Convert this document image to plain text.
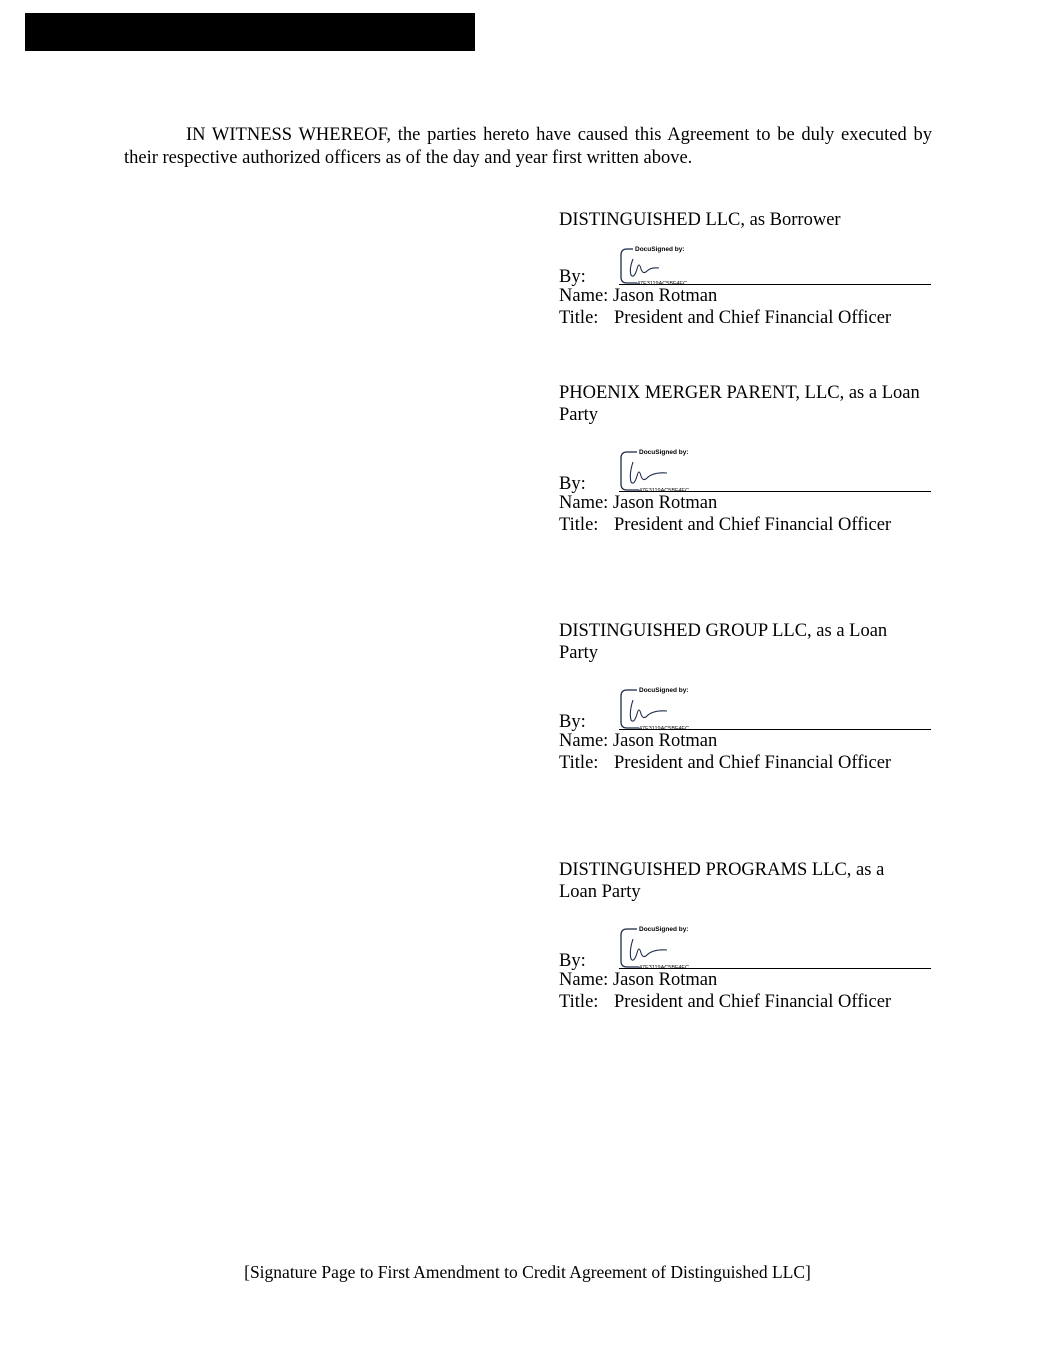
IN WITNESS WHEREOF, the parties hereto have caused this Agreement to be duly executed by their respective authorized officers as of the day and year first written above.

DISTINGUISHED LLC, as Borrower

By:
DocuSigned by:
47E3119AC5BF4EC...
Name: Jason Rotman
Title: President and Chief Financial Officer

PHOENIX MERGER PARENT, LLC, as a Loan
Party

By:
DocuSigned by:
47E3119AC5BF4EC...
Name: Jason Rotman
Title: President and Chief Financial Officer

DISTINGUISHED GROUP LLC, as a Loan
Party

By:
DocuSigned by:
47E3119AC5BF4EC...
Name: Jason Rotman
Title: President and Chief Financial Officer

DISTINGUISHED PROGRAMS LLC, as a
Loan Party

By:
DocuSigned by:
47E3119AC5BF4EC...
Name: Jason Rotman
Title: President and Chief Financial Officer
[Signature Page to First Amendment to Credit Agreement of Distinguished LLC]
